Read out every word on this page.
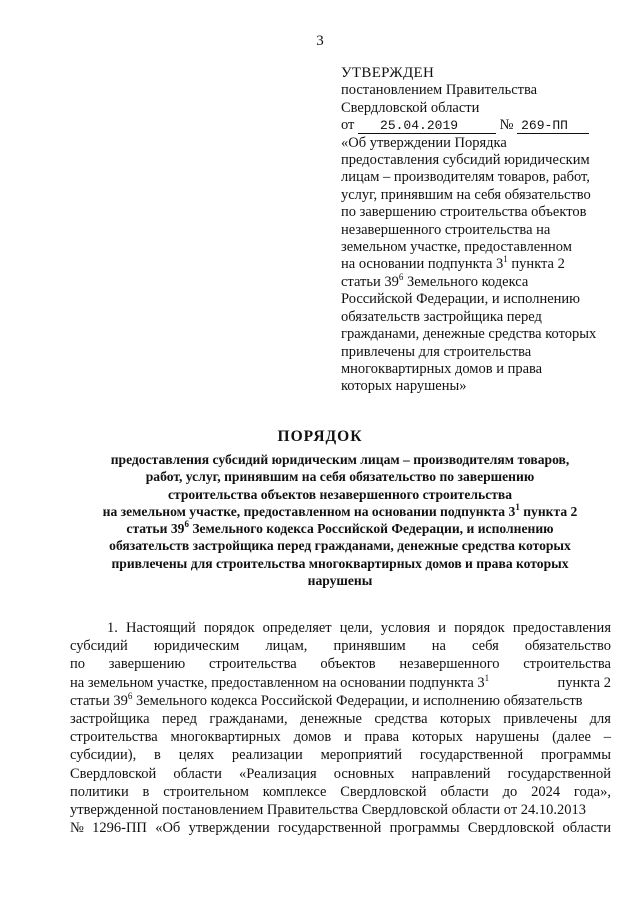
3
УТВЕРЖДЕН
постановлением Правительства
Свердловской области
от 25.04.2019	№ 269-ПП
«Об утверждении Порядка
предоставления субсидий юридическим
лицам – производителям товаров, работ,
услуг, принявшим на себя обязательство
по завершению строительства объектов
незавершенного строительства на
земельном участке, предоставленном
на основании подпункта $3^1$ пункта 2
статьи $39^6$ Земельного кодекса
Российской Федерации, и исполнению
обязательств застройщика перед
гражданами, денежные средства которых
привлечены для строительства
многоквартирных домов и права
которых нарушены»
ПОРЯДОК
предоставления субсидий юридическим лицам – производителям товаров,
работ, услуг, принявшим на себя обязательство по завершению
строительства объектов незавершенного строительства
на земельном участке, предоставленном на основании подпункта $3^1$ пункта 2
статьи $39^6$ Земельного кодекса Российской Федерации, и исполнению
обязательств застройщика перед гражданами, денежные средства которых
привлечены для строительства многоквартирных домов и права которых
нарушены
1. Настоящий порядок определяет цели, условия и порядок предоставления
субсидий юридическим лицам, принявшим на себя обязательство
по завершению строительства объектов незавершенного строительства
на земельном участке, предоставленном на основании подпункта $3^1$	пункта 2
статьи $39^6$ Земельного кодекса Российской Федерации, и исполнению обязательств
застройщика перед гражданами, денежные средства которых привлечены для
строительства многоквартирных домов и права которых нарушены (далее –
субсидии), в целях реализации мероприятий государственной программы
Свердловской области «Реализация основных направлений государственной
политики в строительном комплексе Свердловской области до 2024 года»,
утвержденной постановлением Правительства Свердловской области от 24.10.2013
№ 1296-ПП «Об утверждении государственной программы Свердловской области
